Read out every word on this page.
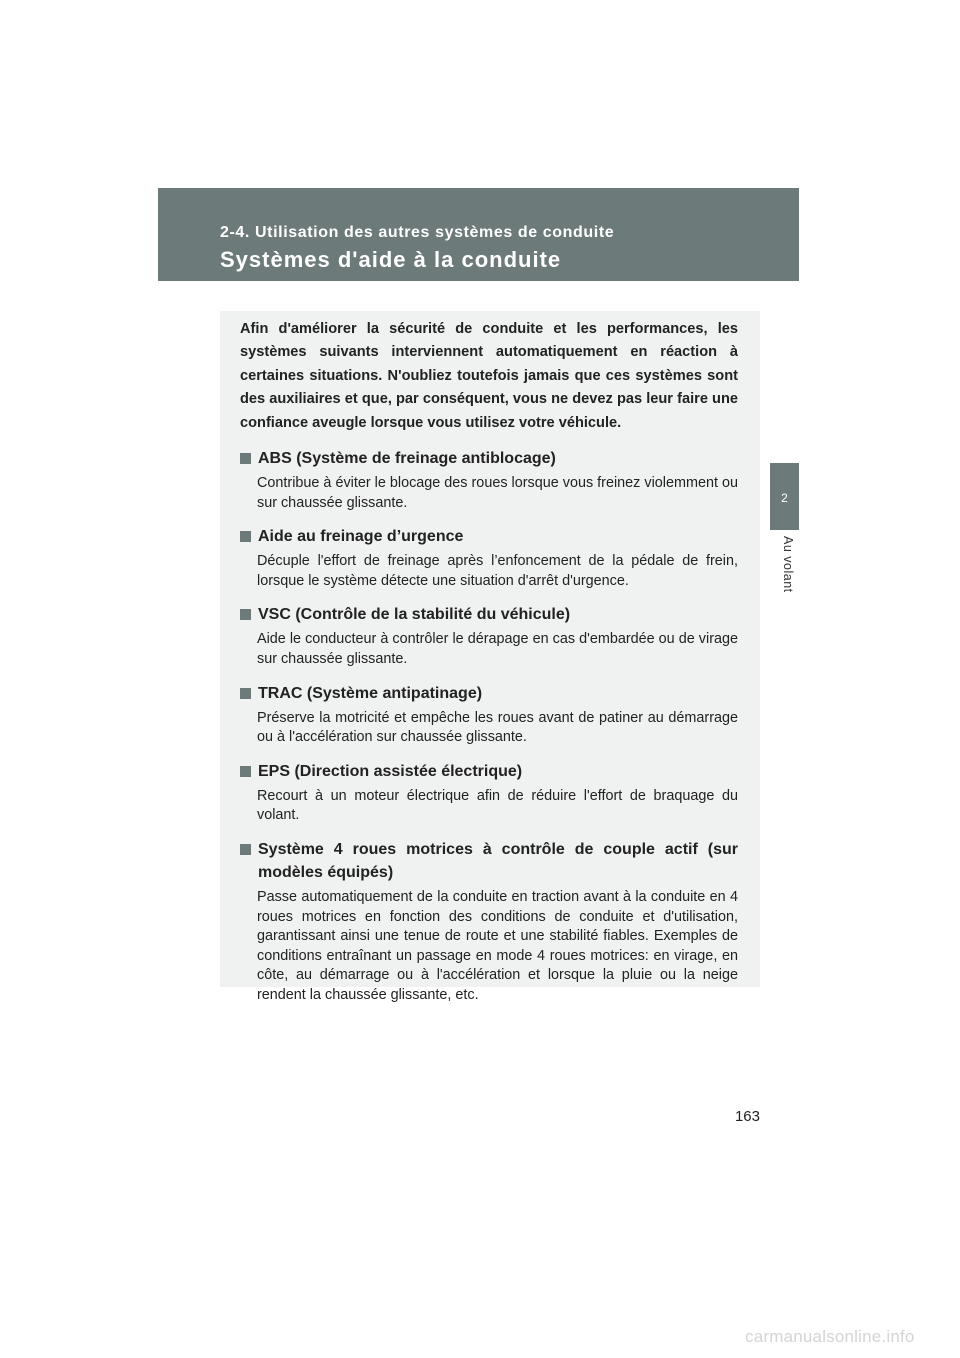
2-4. Utilisation des autres systèmes de conduite
Systèmes d'aide à la conduite
2
Au volant

Afin d'améliorer la sécurité de conduite et les performances, les systèmes suivants interviennent automatiquement en réaction à certaines situations. N'oubliez toutefois jamais que ces systèmes sont des auxiliaires et que, par conséquent, vous ne devez pas leur faire une confiance aveugle lorsque vous utilisez votre véhicule.

ABS (Système de freinage antiblocage)

Contribue à éviter le blocage des roues lorsque vous freinez violemment ou sur chaussée glissante.

Aide au freinage d’urgence

Décuple l'effort de freinage après l’enfoncement de la pédale de frein, lorsque le système détecte une situation d'arrêt d'urgence.

VSC (Contrôle de la stabilité du véhicule)

Aide le conducteur à contrôler le dérapage en cas d'embardée ou de virage sur chaussée glissante.

TRAC (Système antipatinage)

Préserve la motricité et empêche les roues avant de patiner au démarrage ou à l'accélération sur chaussée glissante.

EPS (Direction assistée électrique)

Recourt à un moteur électrique afin de réduire l'effort de braquage du volant.

Système 4 roues motrices à contrôle de couple actif (sur modèles équipés)

Passe automatiquement de la conduite en traction avant à la conduite en 4 roues motrices en fonction des conditions de conduite et d'utilisation, garantissant ainsi une tenue de route et une stabilité fiables. Exemples de conditions entraînant un passage en mode 4 roues motrices: en virage, en côte, au démarrage ou à l'accélération et lorsque la pluie ou la neige rendent la chaussée glissante, etc.

163
carmanualsonline.info
